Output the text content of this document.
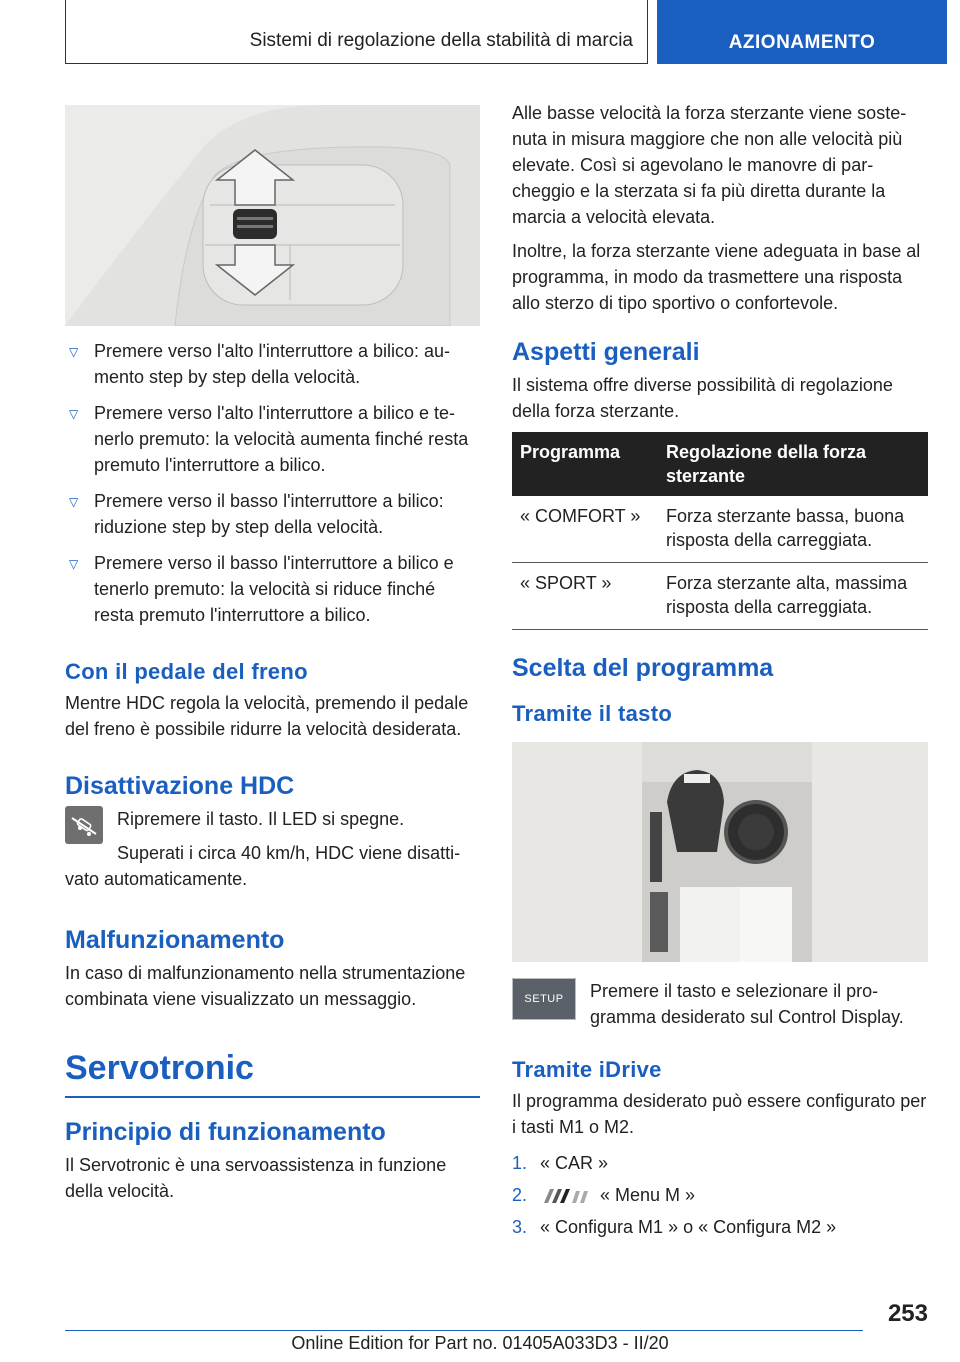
Sistemi di regolazione della stabilità di marcia	AZIONAMENTO
▽ Premere verso l'alto l'interruttore a bilico: aumento step by step della velocità.
▽ Premere verso l'alto l'interruttore a bilico e tenerlo premuto: la velocità aumenta finché resta premuto l'interruttore a bilico.
▽ Premere verso il basso l'interruttore a bilico: riduzione step by step della velocità.
▽ Premere verso il basso l'interruttore a bilico e tenerlo premuto: la velocità si riduce finché resta premuto l'interruttore a bilico.
Con il pedale del freno

Mentre HDC regola la velocità, premendo il pedale del freno è possibile ridurre la velocità desiderata.

Disattivazione HDC

Ripremere il tasto. Il LED si spegne.

Superati i circa 40 km/h, HDC viene disattivato automaticamente.

Malfunzionamento

In caso di malfunzionamento nella strumentazione combinata viene visualizzato un messaggio.

Servotronic
Principio di funzionamento

Il Servotronic è una servoassistenza in funzione della velocità.

Alle basse velocità la forza sterzante viene sostenuta in misura maggiore che non alle velocità più elevate. Così si agevolano le manovre di parcheggio e la sterzata si fa più diretta durante la marcia a velocità elevata.

Inoltre, la forza sterzante viene adeguata in base al programma, in modo da trasmettere una risposta allo sterzo di tipo sportivo o confortevole.

Aspetti generali

Il sistema offre diverse possibilità di regolazione della forza sterzante.

Programma	Regolazione della forza sterzante
« COMFORT »	Forza sterzante bassa, buona risposta della carreggiata.
« SPORT »	Forza sterzante alta, massima risposta della carreggiata.
Scelta del programma
Tramite il tasto
SETUP	Premere il tasto e selezionare il programma desiderato sul Control Display.

Tramite iDrive

Il programma desiderato può essere configurato per i tasti M1 o M2.

1. « CAR »
2.	« Menu M »
3. « Configura M1 » o « Configura M2 »
253
Online Edition for Part no. 01405A033D3 - II/20
